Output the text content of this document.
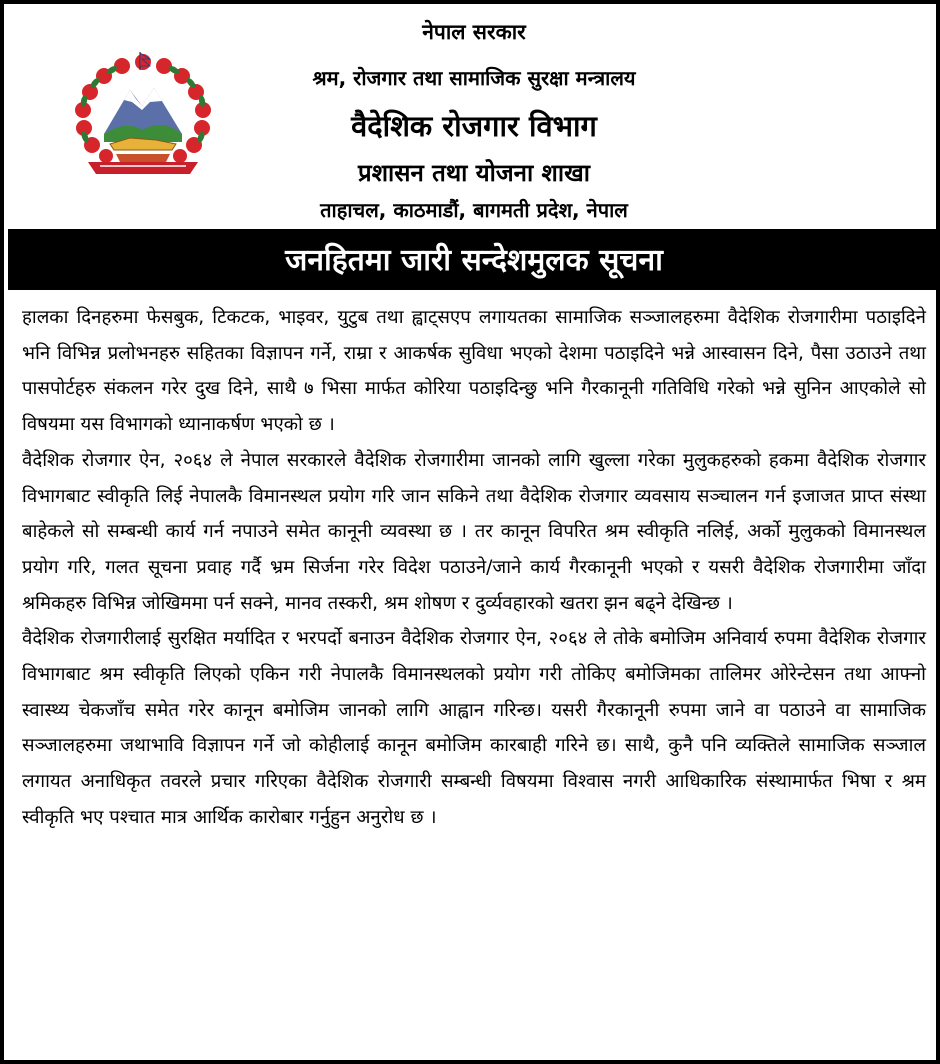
नेपाल सरकार
श्रम, रोजगार तथा सामाजिक सुरक्षा मन्त्रालय
वैदेशिक रोजगार विभाग
प्रशासन तथा योजना शाखा
ताहाचल, काठमाडौं, बागमती प्रदेश, नेपाल
जनहितमा जारी सन्देशमुलक सूचना

हालका दिनहरुमा फेसबुक, टिकटक, भाइवर, युटुब तथा ह्वाट्सएप लगायतका सामाजिक सञ्जालहरुमा वैदेशिक रोजगारीमा पठाइदिने भनि विभिन्न प्रलोभनहरु सहितका विज्ञापन गर्ने, राम्रा र आकर्षक सुविधा भएको देशमा पठाइदिने भन्ने आस्वासन दिने, पैसा उठाउने तथा पासपोर्टहरु संकलन गरेर दुख दिने, साथै ७ भिसा मार्फत कोरिया पठाइदिन्छु भनि गैरकानूनी गतिविधि गरेको भन्ने सुनिन आएकोले सो विषयमा यस विभागको ध्यानाकर्षण भएको छ ।

वैदेशिक रोजगार ऐन, २०६४ ले नेपाल सरकारले वैदेशिक रोजगारीमा जानको लागि खुल्ला गरेका मुलुकहरुको हकमा वैदेशिक रोजगार विभागबाट स्वीकृति लिई नेपालकै विमानस्थल प्रयोग गरि जान सकिने तथा वैदेशिक रोजगार व्यवसाय सञ्चालन गर्न इजाजत प्राप्त संस्था बाहेकले सो सम्बन्धी कार्य गर्न नपाउने समेत कानूनी व्यवस्था छ । तर कानून विपरित श्रम स्वीकृति नलिई, अर्को मुलुकको विमानस्थल प्रयोग गरि, गलत सूचना प्रवाह गर्दै भ्रम सिर्जना गरेर विदेश पठाउने/जाने कार्य गैरकानूनी भएको र यसरी वैदेशिक रोजगारीमा जाँदा श्रमिकहरु विभिन्न जोखिममा पर्न सक्ने, मानव तस्करी, श्रम शोषण र दुर्व्यवहारको खतरा झन बढ्ने देखिन्छ ।

वैदेशिक रोजगारीलाई सुरक्षित मर्यादित र भरपर्दो बनाउन वैदेशिक रोजगार ऐन, २०६४ ले तोके बमोजिम अनिवार्य रुपमा वैदेशिक रोजगार विभागबाट श्रम स्वीकृति लिएको एकिन गरी नेपालकै विमानस्थलको प्रयोग गरी तोकिए बमोजिमका तालिमर ओरेन्टेसन तथा आफ्नो स्वास्थ्य चेकजाँच समेत गरेर कानून बमोजिम जानको लागि आह्वान गरिन्छ। यसरी गैरकानूनी रुपमा जाने वा पठाउने वा सामाजिक सञ्जालहरुमा जथाभावि विज्ञापन गर्ने जो कोहीलाई कानून बमोजिम कारबाही गरिने छ। साथै, कुनै पनि व्यक्तिले सामाजिक सञ्जाल लगायत अनाधिकृत तवरले प्रचार गरिएका वैदेशिक रोजगारी सम्बन्धी विषयमा विश्वास नगरी आधिकारिक संस्थामार्फत भिषा र श्रम स्वीकृति भए पश्चात मात्र आर्थिक कारोबार गर्नुहुन अनुरोध छ ।
